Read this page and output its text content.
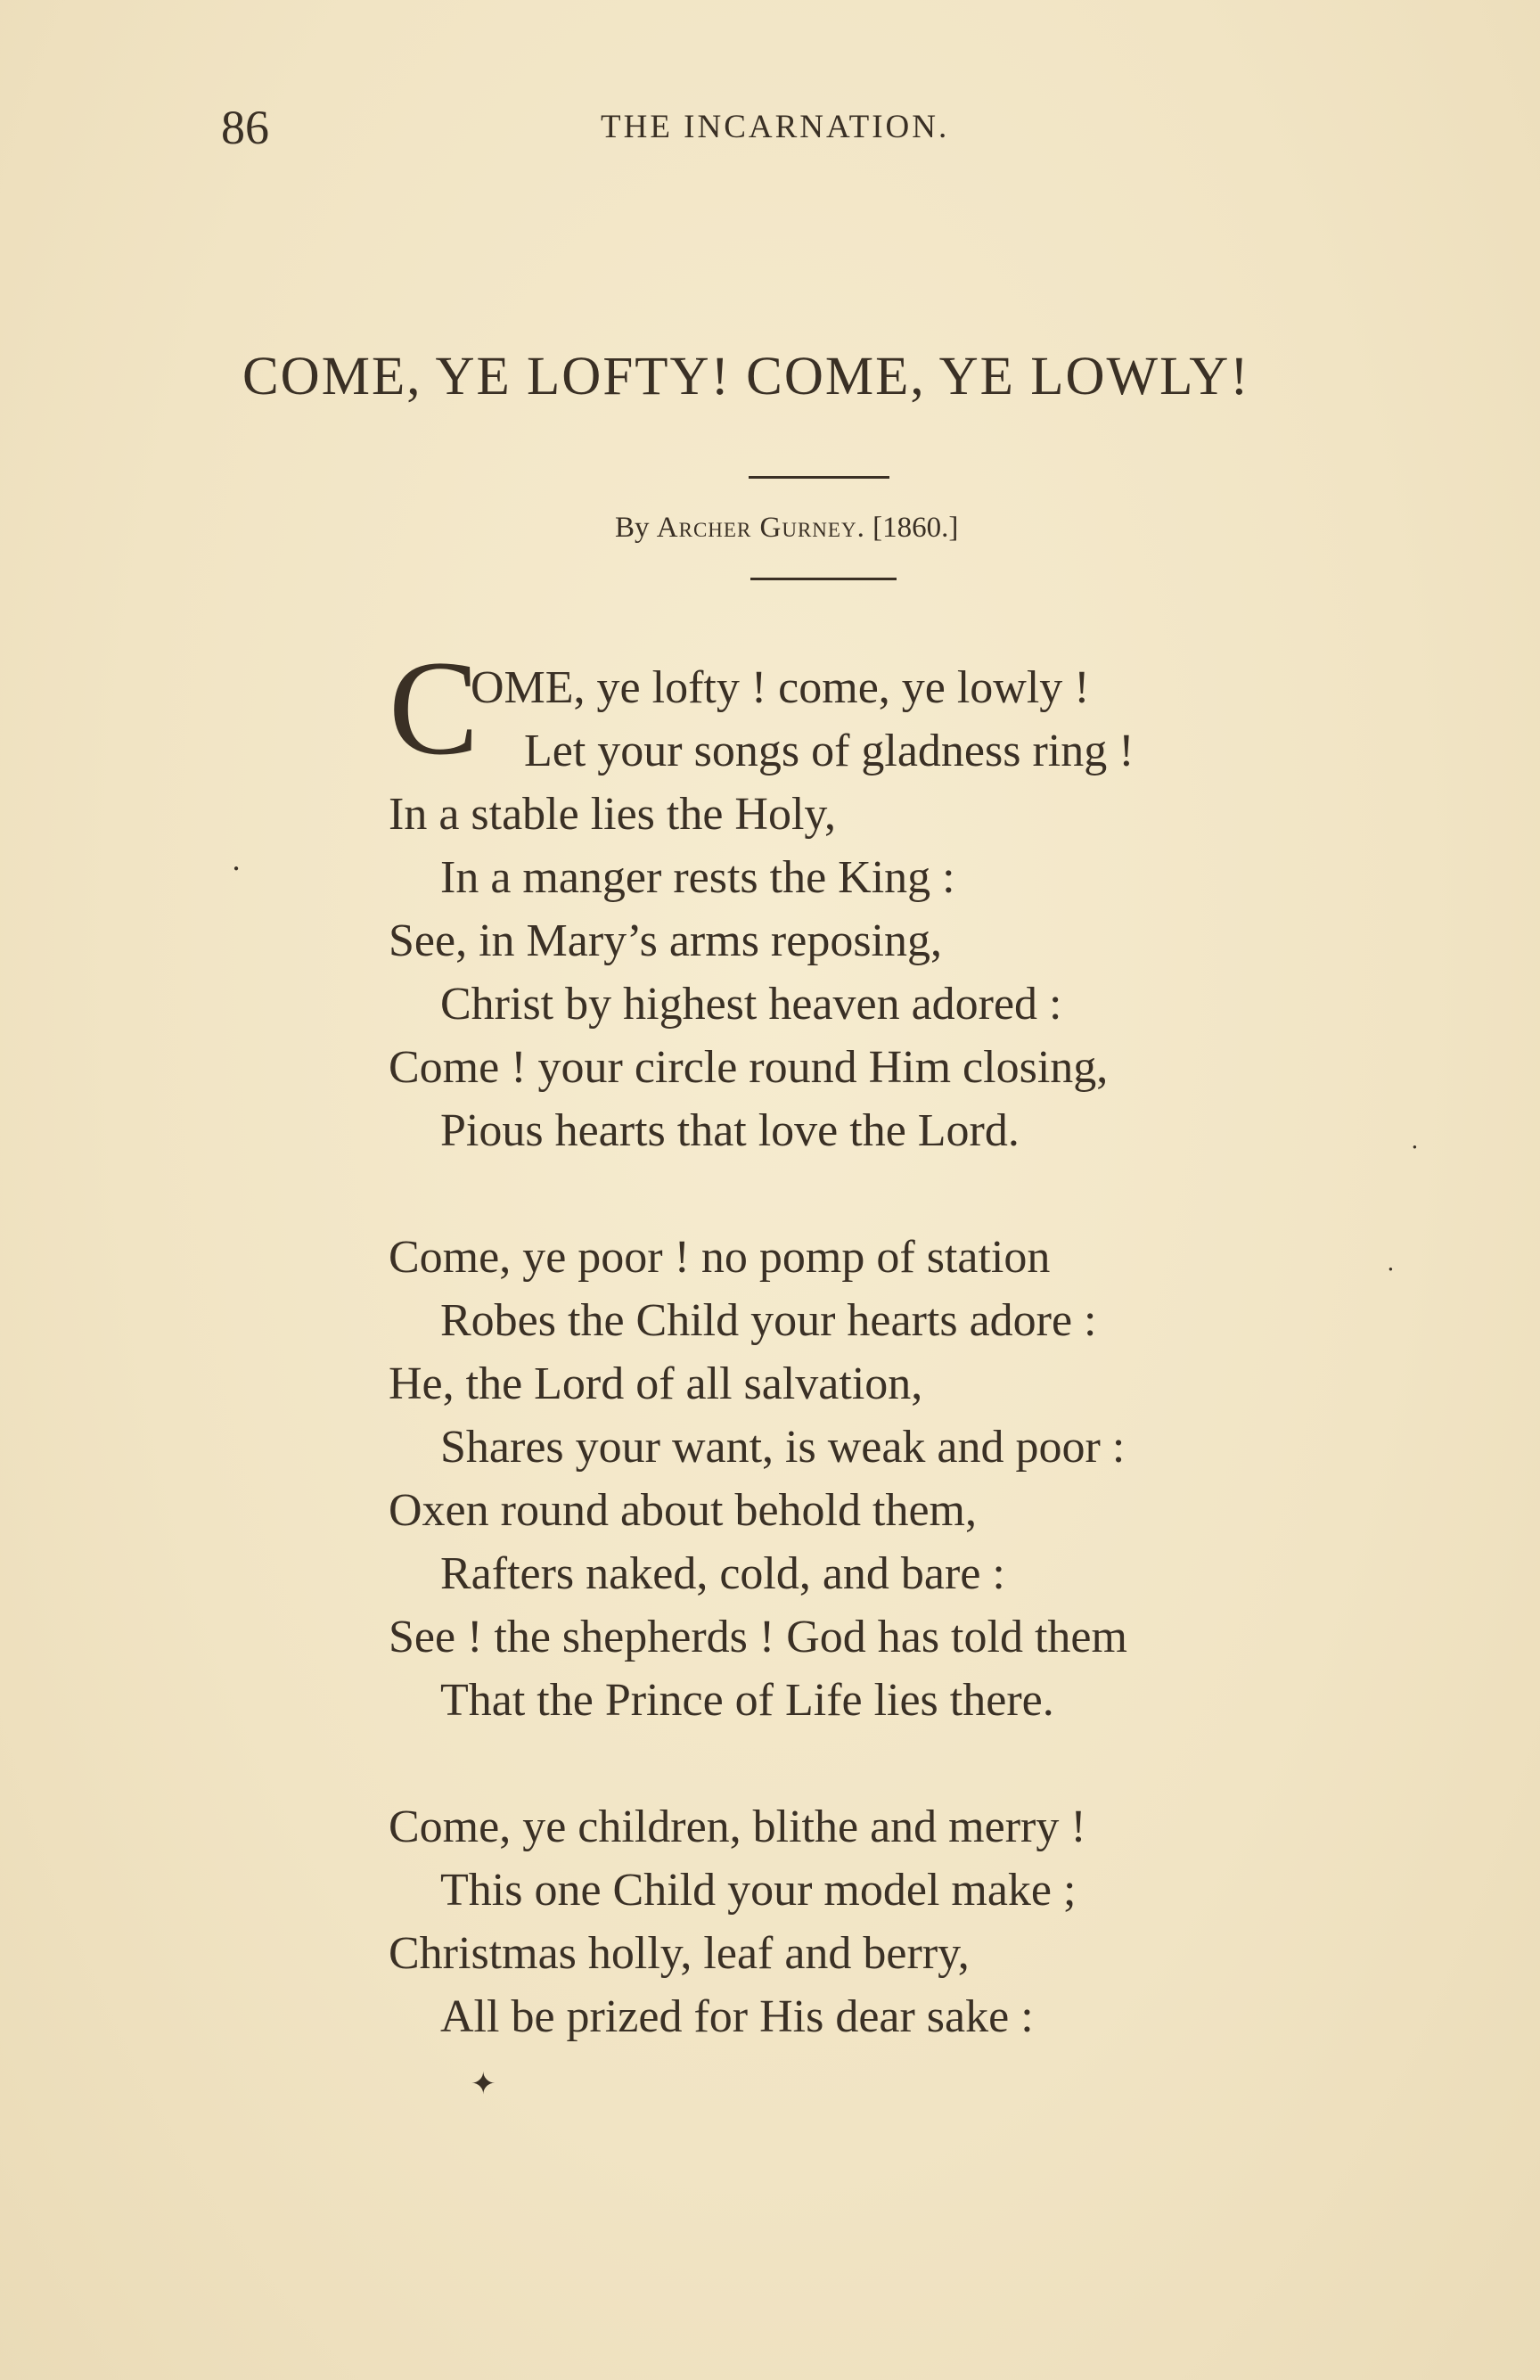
86	THE INCARNATION.
COME, YE LOFTY! COME, YE LOWLY!
By Archer Gurney. [1860.]
C
OME, ye lofty ! come, ye lowly !
Let your songs of gladness ring !
In a stable lies the Holy,
In a manger rests the King :
See, in Mary’s arms reposing,
Christ by highest heaven adored :
Come ! your circle round Him closing,
Pious hearts that love the Lord.
Come, ye poor ! no pomp of station
Robes the Child your hearts adore :
He, the Lord of all salvation,
Shares your want, is weak and poor :
Oxen round about behold them,
Rafters naked, cold, and bare :
See ! the shepherds ! God has told them
That the Prince of Life lies there.
Come, ye children, blithe and merry !
This one Child your model make ;
Christmas holly, leaf and berry,
All be prized for His dear sake :
✦
●
●
●
